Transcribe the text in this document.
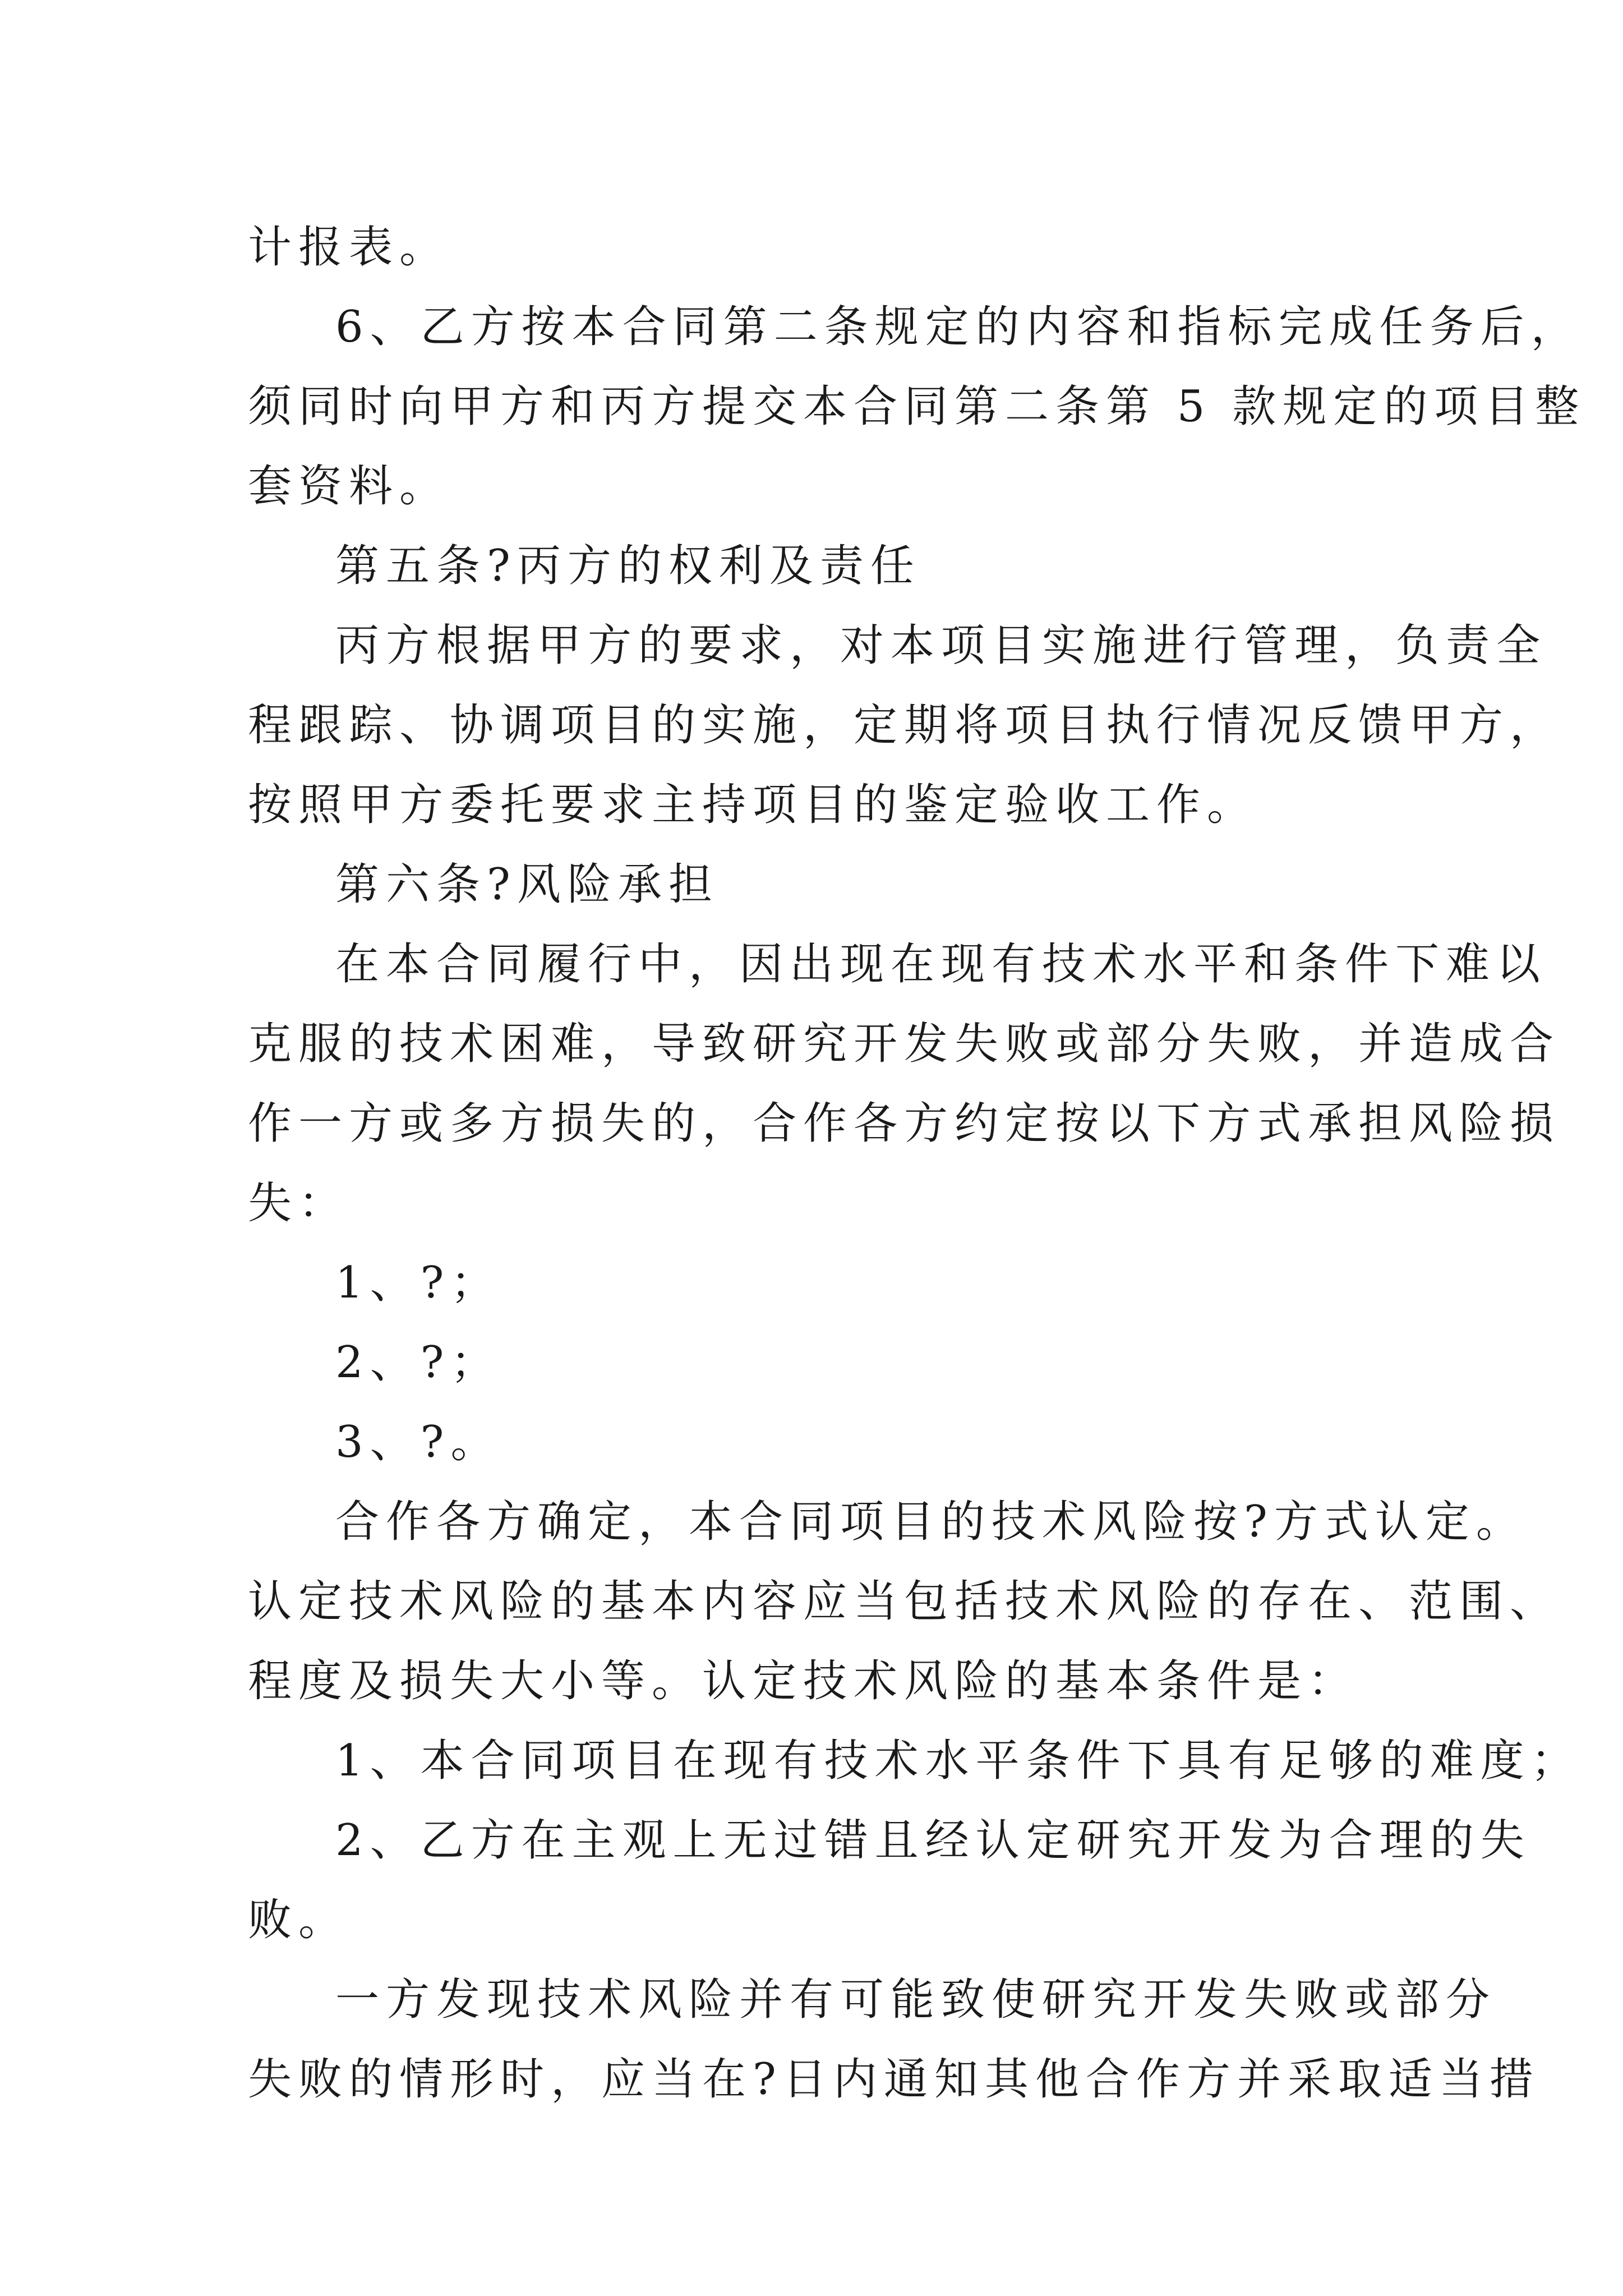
计报表。
6、乙方按本合同第二条规定的内容和指标完成任务后，
须同时向甲方和丙方提交本合同第二条第 5 款规定的项目整
套资料。
第五条?丙方的权利及责任
丙方根据甲方的要求，对本项目实施进行管理，负责全
程跟踪、协调项目的实施，定期将项目执行情况反馈甲方，
按照甲方委托要求主持项目的鉴定验收工作。
第六条?风险承担
在本合同履行中，因出现在现有技术水平和条件下难以
克服的技术困难，导致研究开发失败或部分失败，并造成合
作一方或多方损失的，合作各方约定按以下方式承担风险损
失：
1、?；
2、?；
3、?。
合作各方确定，本合同项目的技术风险按?方式认定。
认定技术风险的基本内容应当包括技术风险的存在、范围、
程度及损失大小等。认定技术风险的基本条件是：
1、本合同项目在现有技术水平条件下具有足够的难度；
2、乙方在主观上无过错且经认定研究开发为合理的失
败。
一方发现技术风险并有可能致使研究开发失败或部分
失败的情形时，应当在?日内通知其他合作方并采取适当措
